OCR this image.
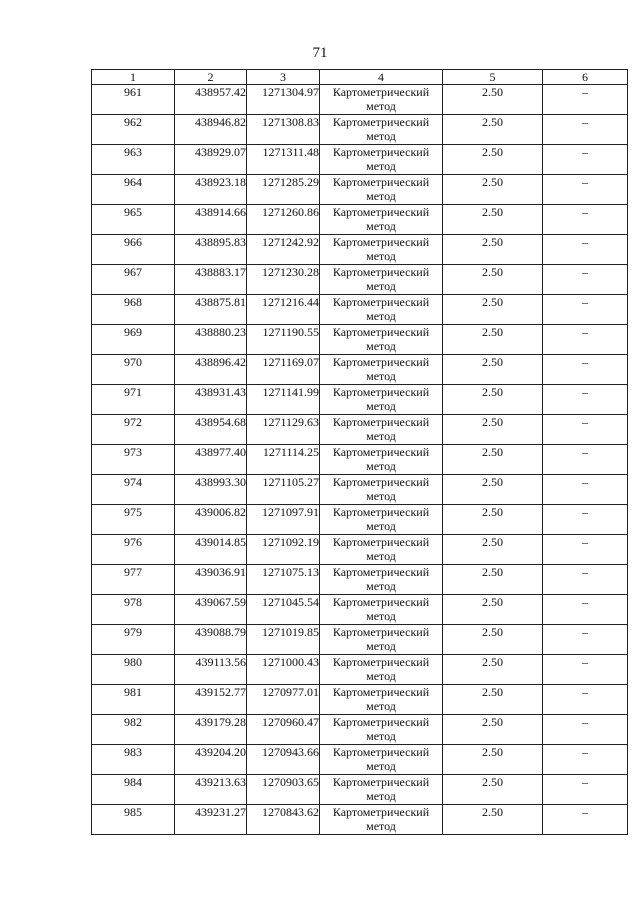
71
1	2	3	4	5	6
961	438957.42	1271304.97	Картометрический
метод	2.50	–
962	438946.82	1271308.83	Картометрический
метод	2.50	–
963	438929.07	1271311.48	Картометрический
метод	2.50	–
964	438923.18	1271285.29	Картометрический
метод	2.50	–
965	438914.66	1271260.86	Картометрический
метод	2.50	–
966	438895.83	1271242.92	Картометрический
метод	2.50	–
967	438883.17	1271230.28	Картометрический
метод	2.50	–
968	438875.81	1271216.44	Картометрический
метод	2.50	–
969	438880.23	1271190.55	Картометрический
метод	2.50	–
970	438896.42	1271169.07	Картометрический
метод	2.50	–
971	438931.43	1271141.99	Картометрический
метод	2.50	–
972	438954.68	1271129.63	Картометрический
метод	2.50	–
973	438977.40	1271114.25	Картометрический
метод	2.50	–
974	438993.30	1271105.27	Картометрический
метод	2.50	–
975	439006.82	1271097.91	Картометрический
метод	2.50	–
976	439014.85	1271092.19	Картометрический
метод	2.50	–
977	439036.91	1271075.13	Картометрический
метод	2.50	–
978	439067.59	1271045.54	Картометрический
метод	2.50	–
979	439088.79	1271019.85	Картометрический
метод	2.50	–
980	439113.56	1271000.43	Картометрический
метод	2.50	–
981	439152.77	1270977.01	Картометрический
метод	2.50	–
982	439179.28	1270960.47	Картометрический
метод	2.50	–
983	439204.20	1270943.66	Картометрический
метод	2.50	–
984	439213.63	1270903.65	Картометрический
метод	2.50	–
985	439231.27	1270843.62	Картометрический
метод	2.50	–
